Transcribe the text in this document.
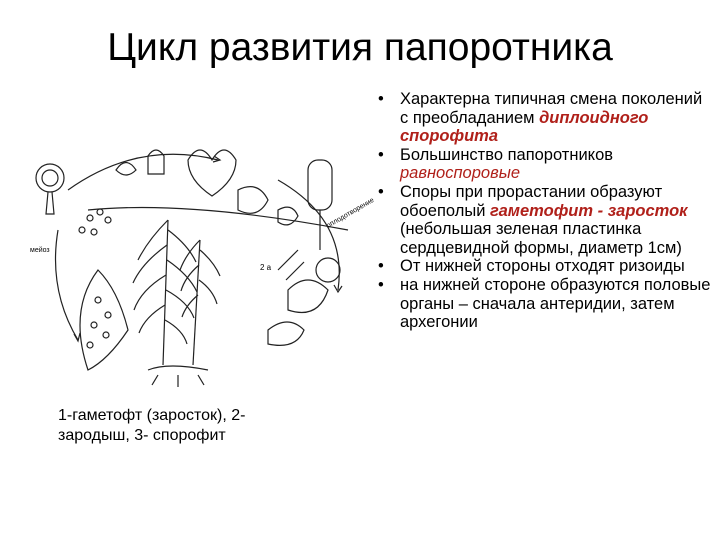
Цикл развития папоротника
мейоз
оплодотворение
2 а
1-гаметофт (заросток), 2- зародыш, 3- спорофит
• Характерна типичная смена поколений с преобладанием диплоидного спорофита
• Большинство папоротников равноспоровые
• Споры при прорастании образуют обоеполый гаметофит - заросток (небольшая зеленая пластинка сердцевидной формы, диаметр 1см)
• От нижней стороны отходят ризоиды
• на нижней стороне образуются половые органы – сначала антеридии, затем архегонии
